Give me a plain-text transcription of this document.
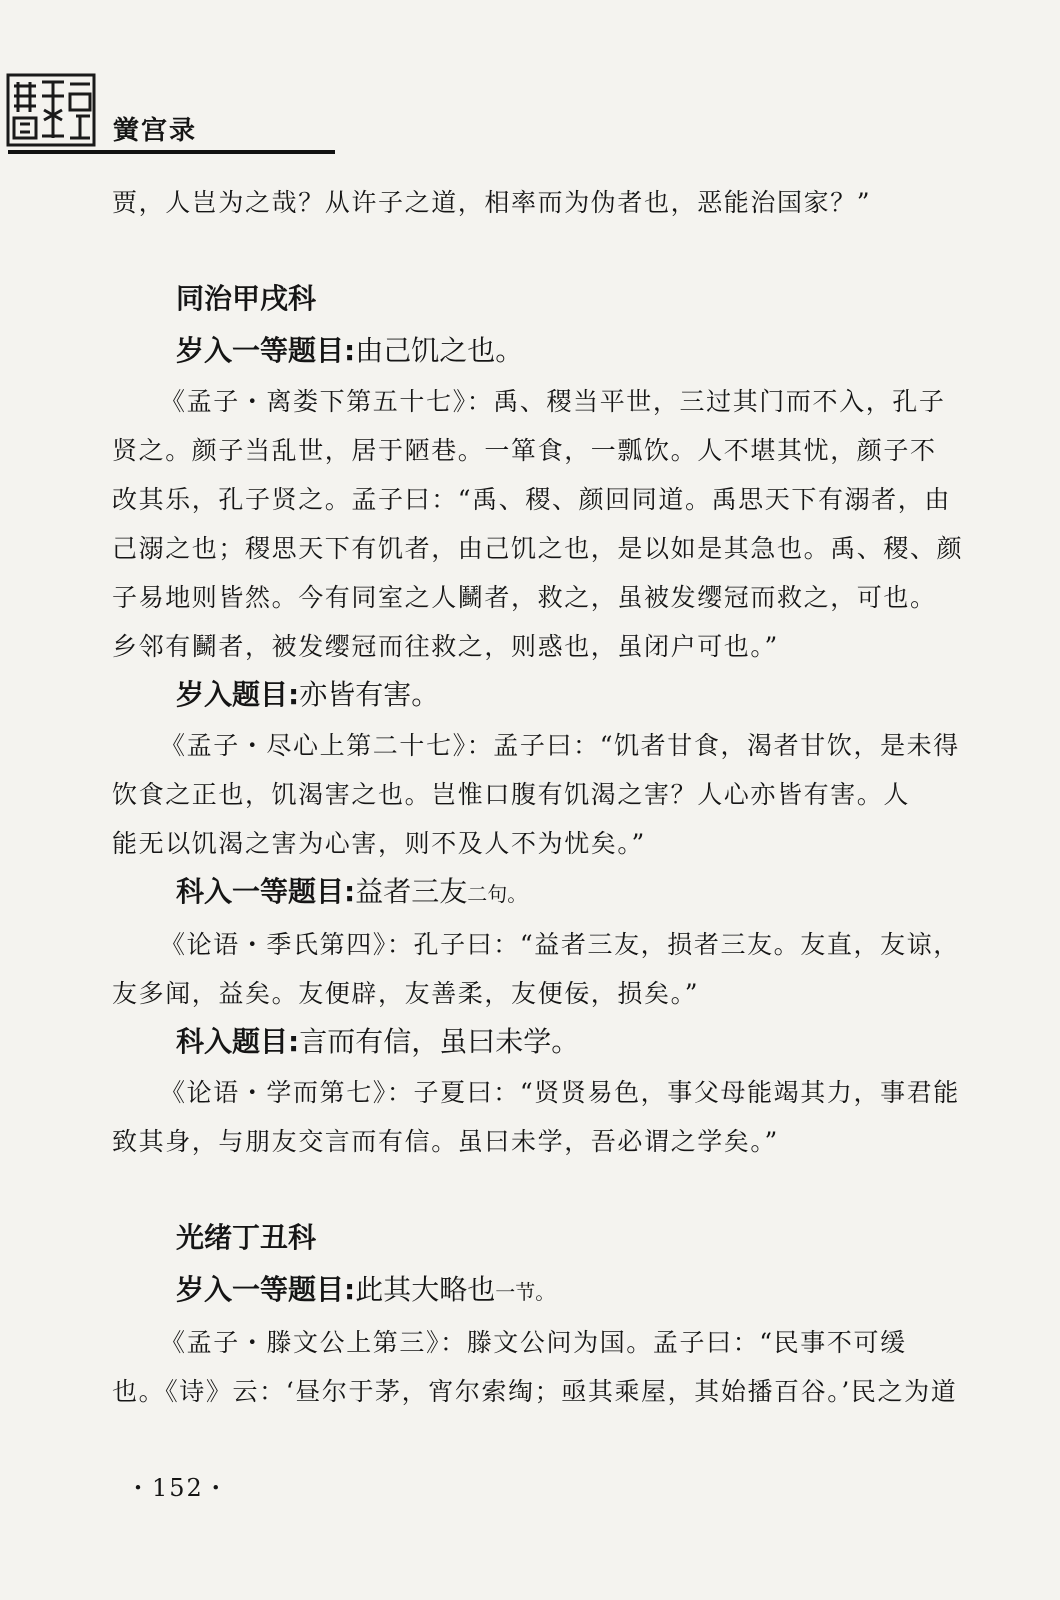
黉宫录
贾，人岂为之哉？从许子之道，相率而为伪者也，恶能治国家？”
同治甲戌科
岁入一等题目:由己饥之也。
《孟子・离娄下第五十七》：禹、稷当平世，三过其门而不入，孔子
贤之。颜子当乱世，居于陋巷。一箪食，一瓢饮。人不堪其忧，颜子不
改其乐，孔子贤之。孟子曰：“禹、稷、颜回同道。禹思天下有溺者，由
己溺之也；稷思天下有饥者，由己饥之也，是以如是其急也。禹、稷、颜
子易地则皆然。今有同室之人鬭者，救之，虽被发缨冠而救之，可也。
乡邻有鬭者，被发缨冠而往救之，则惑也，虽闭户可也。”
岁入题目:亦皆有害。
《孟子・尽心上第二十七》：孟子曰：“饥者甘食，渴者甘饮，是未得
饮食之正也，饥渴害之也。岂惟口腹有饥渴之害？人心亦皆有害。人
能无以饥渴之害为心害，则不及人不为忧矣。”
科入一等题目:益者三友二句。
《论语・季氏第四》：孔子曰：“益者三友，损者三友。友直，友谅，
友多闻，益矣。友便辟，友善柔，友便佞，损矣。”
科入题目:言而有信，虽曰未学。
《论语・学而第七》：子夏曰：“贤贤易色，事父母能竭其力，事君能
致其身，与朋友交言而有信。虽曰未学，吾必谓之学矣。”
光绪丁丑科
岁入一等题目:此其大略也一节。
《孟子・滕文公上第三》：滕文公问为国。孟子曰：“民事不可缓
也。《诗》云：‘昼尔于茅，宵尔索绹；亟其乘屋，其始播百谷。’民之为道
・152・
